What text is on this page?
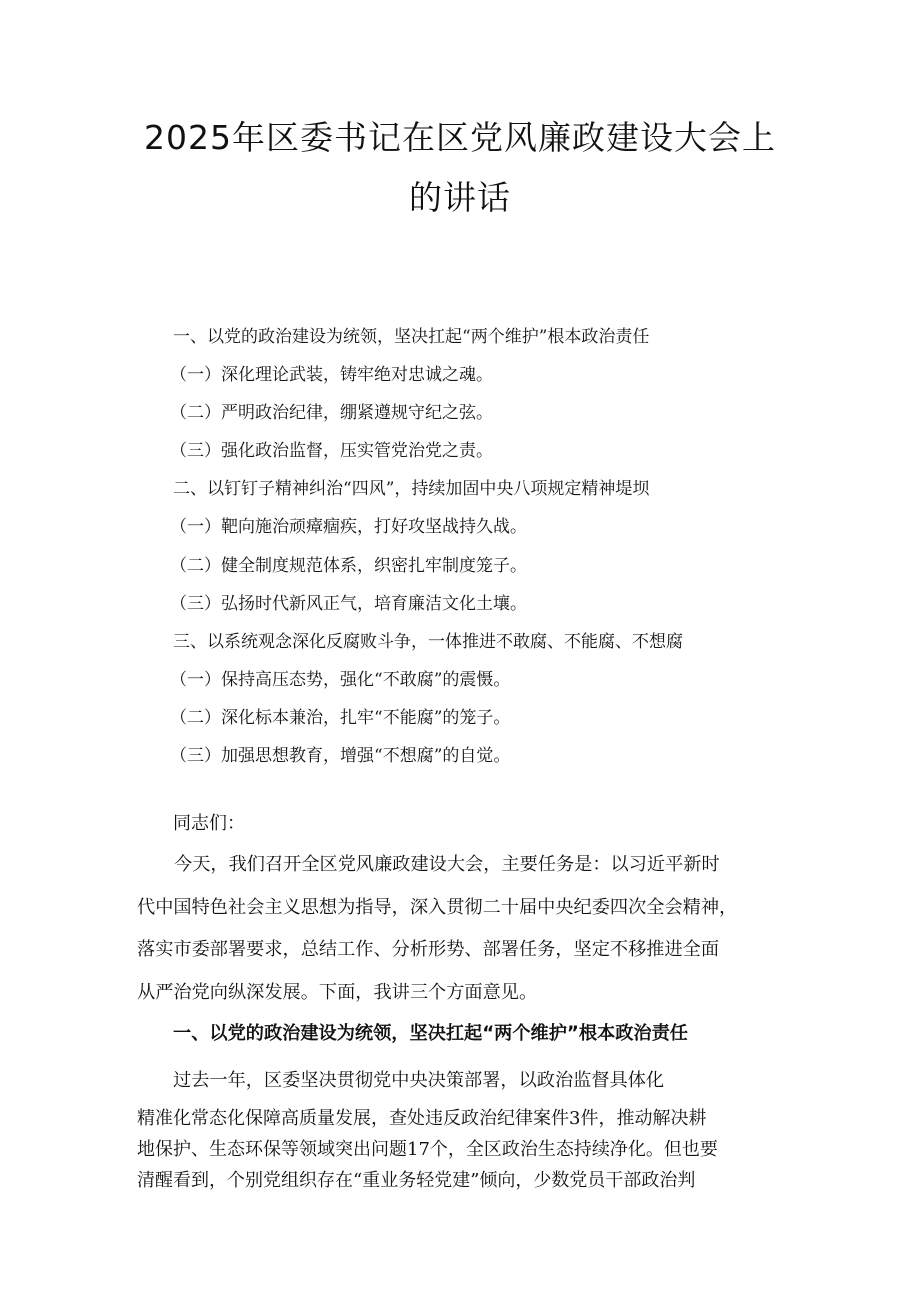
2025年区委书记在区党风廉政建设大会上
的讲话
一、以党的政治建设为统领，坚决扛起“两个维护”根本政治责任
（一）深化理论武装，铸牢绝对忠诚之魂。
（二）严明政治纪律，绷紧遵规守纪之弦。
（三）强化政治监督，压实管党治党之责。
二、以钉钉子精神纠治“四风”，持续加固中央八项规定精神堤坝
（一）靶向施治顽瘴痼疾，打好攻坚战持久战。
（二）健全制度规范体系，织密扎牢制度笼子。
（三）弘扬时代新风正气，培育廉洁文化土壤。
三、以系统观念深化反腐败斗争，一体推进不敢腐、不能腐、不想腐
（一）保持高压态势，强化“不敢腐”的震慑。
（二）深化标本兼治，扎牢“不能腐”的笼子。
（三）加强思想教育，增强“不想腐”的自觉。
同志们：
今天，我们召开全区党风廉政建设大会，主要任务是：以习近平新时
代中国特色社会主义思想为指导，深入贯彻二十届中央纪委四次全会精神，
落实市委部署要求，总结工作、分析形势、部署任务，坚定不移推进全面
从严治党向纵深发展。下面，我讲三个方面意见。
一、以党的政治建设为统领，坚决扛起“两个维护”根本政治责任
过去一年，区委坚决贯彻党中央决策部署，以政治监督具体化
精准化常态化保障高质量发展，查处违反政治纪律案件3件，推动解决耕
地保护、生态环保等领域突出问题17个，全区政治生态持续净化。但也要
清醒看到，个别党组织存在“重业务轻党建”倾向，少数党员干部政治判
